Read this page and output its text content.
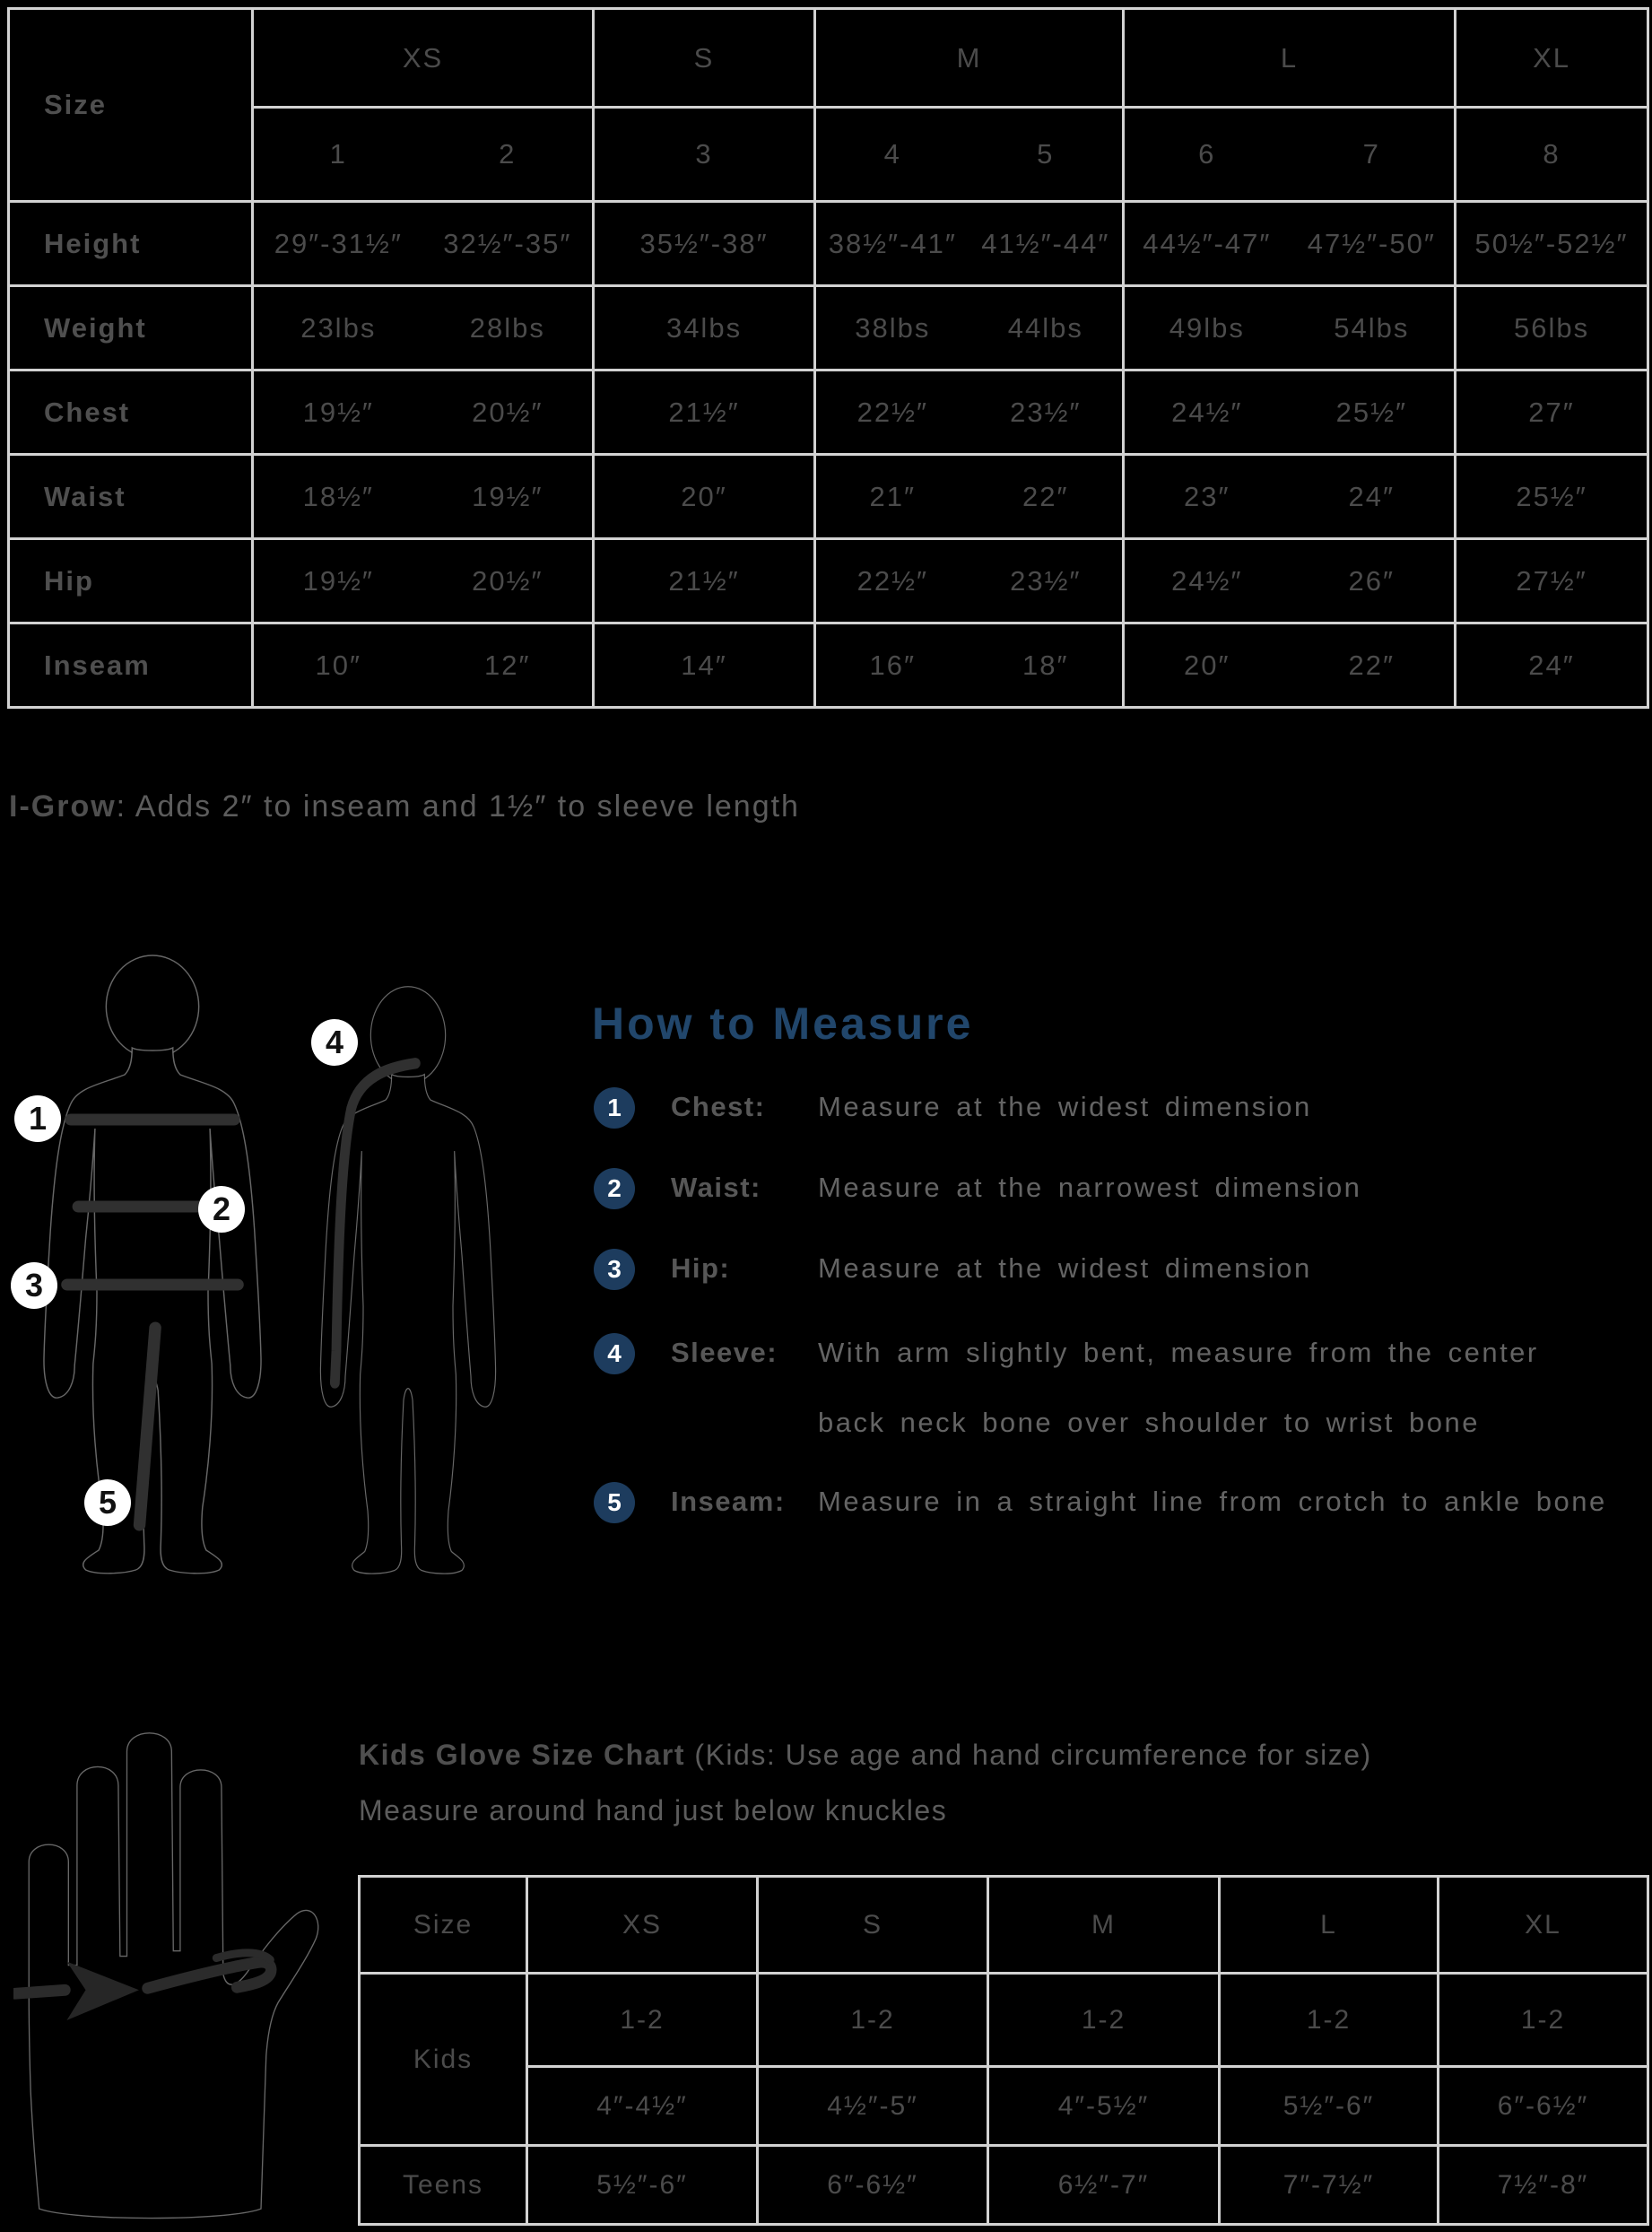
Size	XS	S	M	L	XL

	1 2	3	4 5	6 7	8
Height	29″-31½″ 32½″-35″	35½″-38″	38½″-41″ 41½″-44″	44½″-47″ 47½″-50″	50½″-52½″
Weight	23lbs 28lbs	34lbs	38lbs 44lbs	49lbs 54lbs	56lbs
Chest	19½″ 20½″	21½″	22½″ 23½″	24½″ 25½″	27″
Waist	18½″ 19½″	20″	21″ 22″	23″ 24″	25½″
Hip	19½″ 20½″	21½″	22½″ 23½″	24½″ 26″	27½″
Inseam	10″ 12″	14″	16″ 18″	20″ 22″	24″
I-Grow: Adds 2″ to inseam and 1½″ to sleeve length
1
2
3
4
5
How to Measure
1	Chest: Measure at the widest dimension
2	Waist: Measure at the narrowest dimension
3	Hip:	Measure at the widest dimension
4	Sleeve: With arm slightly bent, measure from the center
back neck bone over shoulder to wrist bone
5	Inseam: Measure in a straight line from crotch to ankle bone
Kids Glove Size Chart (Kids: Use age and hand circumference for size)
Measure around hand just below knuckles
Size	XS	S	M	L	XL
Kids	1-2	1-2	1-2	1-2	1-2
	4″-4½″	4½″-5″	4″-5½″	5½″-6″	6″-6½″
Teens	5½″-6″	6″-6½″	6½″-7″	7″-7½″	7½″-8″
